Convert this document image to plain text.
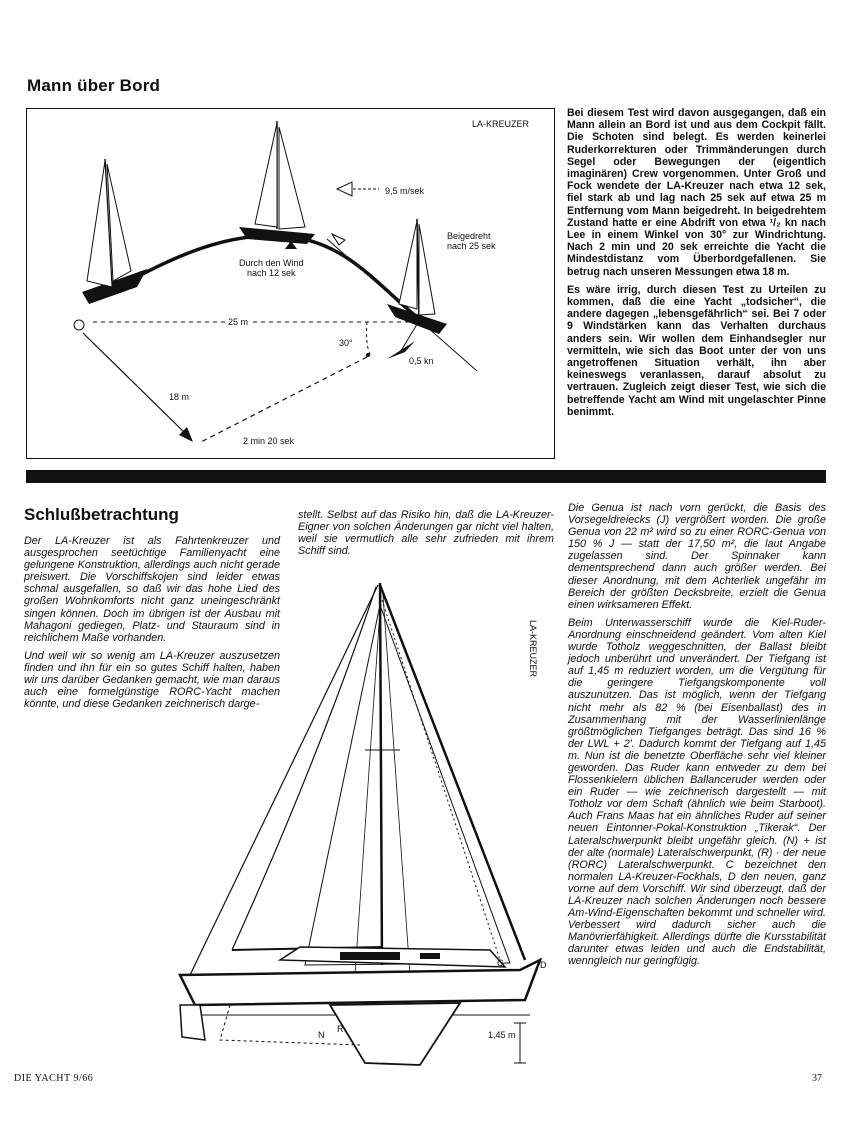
Mann über Bord
LA-KREUZER
9,5 m/sek
Beigedreht
nach 25 sek
Durch den Wind
nach 12 sek
25 m
30°
0,5 kn
18 m
2 min 20 sek

Bei diesem Test wird davon ausgegangen, daß ein Mann allein an Bord ist und aus dem Cockpit fällt. Die Schoten sind belegt. Es werden keinerlei Ruderkorrekturen oder Trimmänderungen durch Segel oder Bewegungen der (eigentlich imaginären) Crew vorgenommen. Unter Groß und Fock wendete der LA-Kreuzer nach etwa 12 sek, fiel stark ab und lag nach 25 sek auf etwa 25 m Entfernung vom Mann beigedreht. In beigedrehtem Zustand hatte er eine Abdrift von etwa ¹/₂ kn nach Lee in einem Winkel von 30° zur Windrichtung. Nach 2 min und 20 sek erreichte die Yacht die Mindestdistanz vom Überbordgefallenen. Sie betrug nach unseren Messungen etwa 18 m.

Es wäre irrig, durch diesen Test zu Urteilen zu kommen, daß die eine Yacht „todsicher“, die andere dagegen „lebensgefährlich“ sei. Bei 7 oder 9 Windstärken kann das Verhalten durchaus anders sein. Wir wollen dem Einhandsegler nur vermitteln, wie sich das Boot unter der von uns angetroffenen Situation verhält, ihn aber keineswegs veranlassen, darauf absolut zu vertrauen. Zugleich zeigt dieser Test, wie sich die betreffende Yacht am Wind mit ungelaschter Pinne benimmt.

Schlußbetrachtung

Der LA-Kreuzer ist als Fahrtenkreuzer und ausgesprochen seetüchtige Familienyacht eine gelungene Konstruktion, allerdings auch nicht gerade preiswert. Die Vorschiffskojen sind leider etwas schmal ausgefallen, so daß wir das hohe Lied des großen Wohnkomforts nicht ganz uneingeschränkt singen können. Doch im übrigen ist der Ausbau mit Mahagoni gediegen, Platz- und Stauraum sind in reichlichem Maße vorhanden.

Und weil wir so wenig am LA-Kreuzer auszusetzen finden und ihn für ein so gutes Schiff halten, haben wir uns darüber Gedanken gemacht, wie man daraus auch eine formelgünstige RORC-Yacht machen könnte, und diese Gedanken zeichnerisch darge-

stellt. Selbst auf das Risiko hin, daß die LA-Kreuzer-Eigner von solchen Änderungen gar nicht viel halten, weil sie vermutlich alle sehr zufrieden mit ihrem Schiff sind.

Die Genua ist nach vorn gerückt, die Basis des Vorsegeldreiecks (J) vergrößert worden. Die große Genua von 22 m² wird so zu einer RORC-Genua von 150 % J — statt der 17,50 m², die laut Angabe zugelassen sind. Der Spinnaker kann dementsprechend dann auch größer werden. Bei dieser Anordnung, mit dem Achterliek ungefähr im Bereich der größten Decksbreite, erzielt die Genua einen wirksameren Effekt.

Beim Unterwasserschiff wurde die Kiel-Ruder-Anordnung einschneidend geändert. Vom alten Kiel wurde Totholz weggeschnitten, der Ballast bleibt jedoch unberührt und unverändert. Der Tiefgang ist auf 1,45 m reduziert worden, um die Vergütung für die geringere Tiefgangskomponente voll auszunutzen. Das ist möglich, wenn der Tiefgang nicht mehr als 82 % (bei Eisenballast) des in Zusammenhang mit der Wasserlinienlänge größtmöglichen Tiefganges beträgt. Das sind 16 % der LWL + 2'. Dadurch kommt der Tiefgang auf 1,45 m. Nun ist die benetzte Oberfläche sehr viel kleiner geworden. Das Ruder kann entweder zu dem bei Flossenkielern üblichen Ballanceruder werden oder ein Ruder — wie zeichnerisch dargestellt — mit Totholz vor dem Schaft (ähnlich wie beim Starboot). Auch Frans Maas hat ein ähnliches Ruder auf seiner neuen Eintonner-Pokal-Konstruktion „Tikerak“. Der Lateralschwerpunkt bleibt ungefähr gleich. (N) + ist der alte (normale) Lateralschwerpunkt, (R) · der neue (RORC) Lateralschwerpunkt. C bezeichnet den normalen LA-Kreuzer-Fockhals, D den neuen, ganz vorne auf dem Vorschiff. Wir sind überzeugt, daß der LA-Kreuzer nach solchen Änderungen noch bessere Am-Wind-Eigenschaften bekommt und schneller wird. Verbessert wird dadurch sicher auch die Manövrierfähigkeit. Allerdings dürfte die Kursstabilität darunter etwas leiden und auch die Endstabilität, wenngleich nur geringfügig.

LA-KREUZER
C	D
N
R
1,45 m
DIE YACHT 9/66	37
